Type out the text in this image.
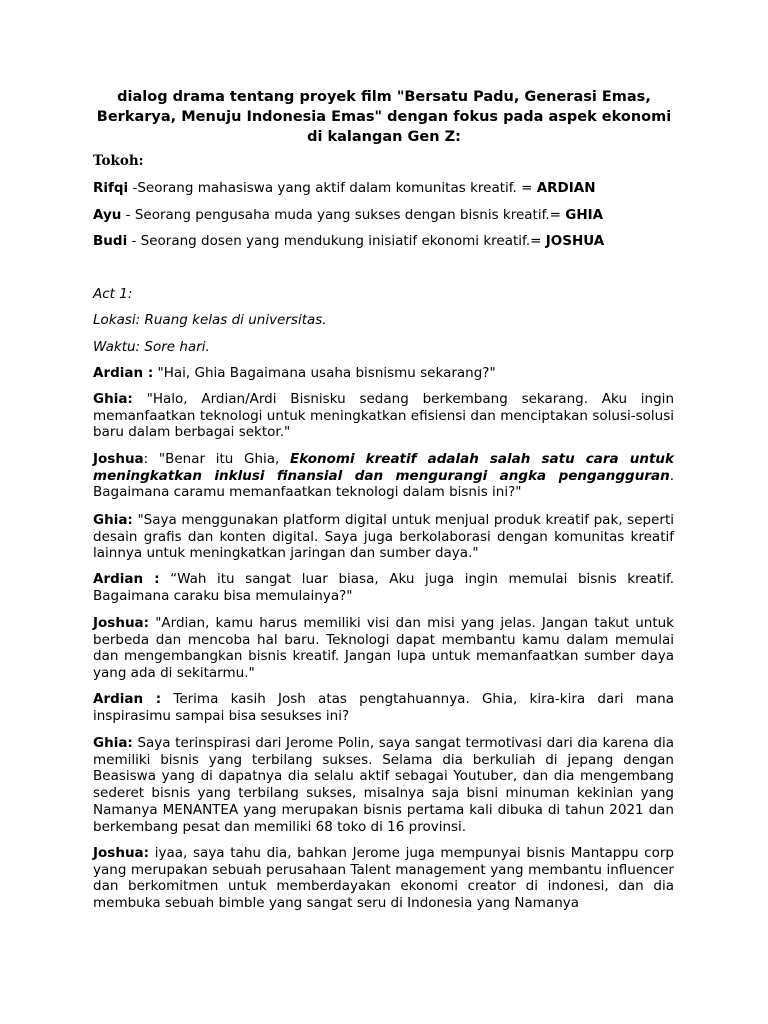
dialog drama tentang proyek film "Bersatu Padu, Generasi Emas, Berkarya, Menuju Indonesia Emas" dengan fokus pada aspek ekonomi di kalangan Gen Z:

Tokoh:

Rifqi -Seorang mahasiswa yang aktif dalam komunitas kreatif. = ARDIAN

Ayu - Seorang pengusaha muda yang sukses dengan bisnis kreatif.= GHIA

Budi - Seorang dosen yang mendukung inisiatif ekonomi kreatif.= JOSHUA

Act 1:

Lokasi: Ruang kelas di universitas.

Waktu: Sore hari.

Ardian : "Hai, Ghia Bagaimana usaha bisnismu sekarang?"

Ghia: "Halo, Ardian/Ardi Bisnisku sedang berkembang sekarang. Aku ingin memanfaatkan teknologi untuk meningkatkan efisiensi dan menciptakan solusi-solusi baru dalam berbagai sektor."

Joshua: "Benar itu Ghia, Ekonomi kreatif adalah salah satu cara untuk meningkatkan inklusi finansial dan mengurangi angka pengangguran. Bagaimana caramu memanfaatkan teknologi dalam bisnis ini?"

Ghia: "Saya menggunakan platform digital untuk menjual produk kreatif pak, seperti desain grafis dan konten digital. Saya juga berkolaborasi dengan komunitas kreatif lainnya untuk meningkatkan jaringan dan sumber daya."

Ardian : “Wah itu sangat luar biasa, Aku juga ingin memulai bisnis kreatif. Bagaimana caraku bisa memulainya?"

Joshua: "Ardian, kamu harus memiliki visi dan misi yang jelas. Jangan takut untuk berbeda dan mencoba hal baru. Teknologi dapat membantu kamu dalam memulai dan mengembangkan bisnis kreatif. Jangan lupa untuk memanfaatkan sumber daya yang ada di sekitarmu."

Ardian : Terima kasih Josh atas pengtahuannya. Ghia, kira-kira dari mana inspirasimu sampai bisa sesukses ini?

Ghia: Saya terinspirasi dari Jerome Polin, saya sangat termotivasi dari dia karena dia memiliki bisnis yang terbilang sukses. Selama dia berkuliah di jepang dengan Beasiswa yang di dapatnya dia selalu aktif sebagai Youtuber, dan dia mengembang sederet bisnis yang terbilang sukses, misalnya saja bisni minuman kekinian yang Namanya MENANTEA yang merupakan bisnis pertama kali dibuka di tahun 2021 dan berkembang pesat dan memiliki 68 toko di 16 provinsi.

Joshua: iyaa, saya tahu dia, bahkan Jerome juga mempunyai bisnis Mantappu corp yang merupakan sebuah perusahaan Talent management yang membantu influencer dan berkomitmen untuk memberdayakan ekonomi creator di indonesi, dan dia membuka sebuah bimble yang sangat seru di Indonesia yang Namanya
